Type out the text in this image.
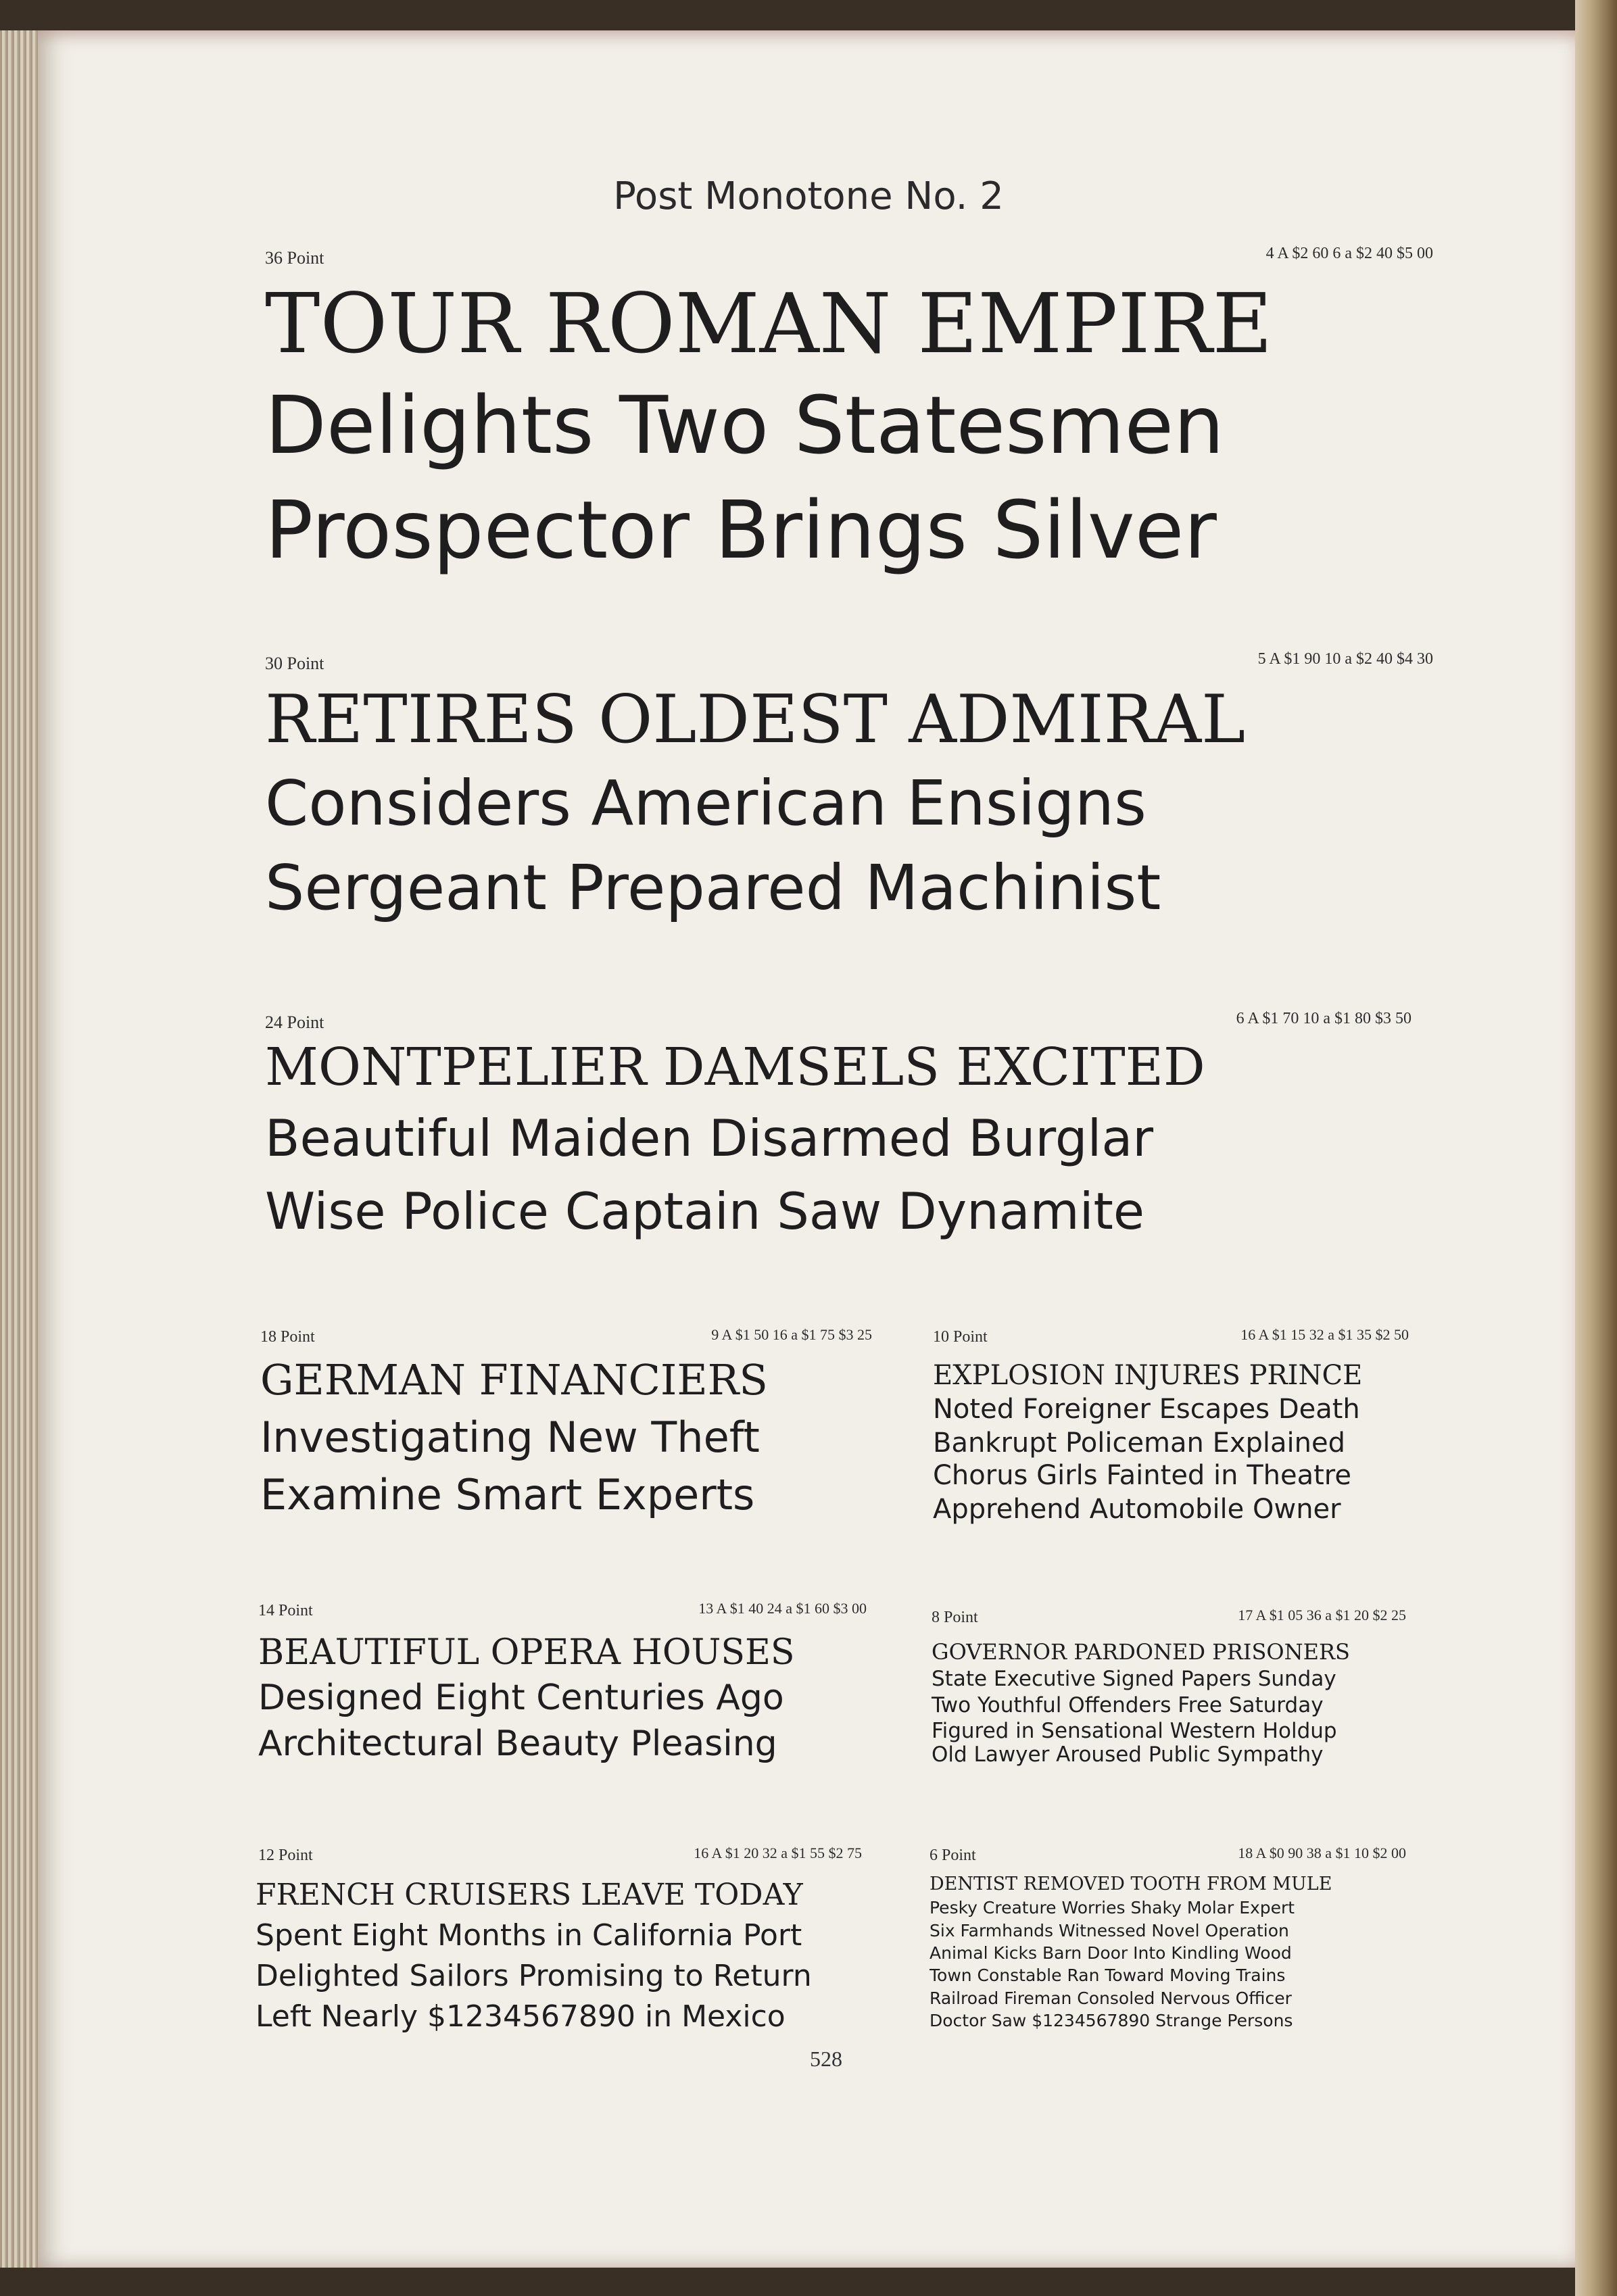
Post Monotone No. 2
36 Point	4 A $2 60 6 a $2 40 $5 00
TOUR ROMAN EMPIRE
Delights Two Statesmen
Prospector Brings Silver
30 Point	5 A $1 90 10 a $2 40 $4 30
RETIRES OLDEST ADMIRAL
Considers American Ensigns
Sergeant Prepared Machinist
24 Point	6 A $1 70 10 a $1 80 $3 50
MONTPELIER DAMSELS EXCITED
Beautiful Maiden Disarmed Burglar
Wise Police Captain Saw Dynamite
18 Point	9 A $1 50 16 a $1 75 $3 25
GERMAN FINANCIERS
Investigating New Theft
Examine Smart Experts
10 Point	16 A $1 15 32 a $1 35 $2 50
EXPLOSION INJURES PRINCE
Noted Foreigner Escapes Death
Bankrupt Policeman Explained
Chorus Girls Fainted in Theatre
Apprehend Automobile Owner
14 Point	13 A $1 40 24 a $1 60 $3 00
BEAUTIFUL OPERA HOUSES
Designed Eight Centuries Ago
Architectural Beauty Pleasing
8 Point	17 A $1 05 36 a $1 20 $2 25
GOVERNOR PARDONED PRISONERS
State Executive Signed Papers Sunday
Two Youthful Offenders Free Saturday
Figured in Sensational Western Holdup
Old Lawyer Aroused Public Sympathy
12 Point	16 A $1 20 32 a $1 55 $2 75
FRENCH CRUISERS LEAVE TODAY
Spent Eight Months in California Port
Delighted Sailors Promising to Return
Left Nearly $1234567890 in Mexico
6 Point	18 A $0 90 38 a $1 10 $2 00
DENTIST REMOVED TOOTH FROM MULE
Pesky Creature Worries Shaky Molar Expert
Six Farmhands Witnessed Novel Operation
Animal Kicks Barn Door Into Kindling Wood
Town Constable Ran Toward Moving Trains
Railroad Fireman Consoled Nervous Officer
Doctor Saw $1234567890 Strange Persons
528
